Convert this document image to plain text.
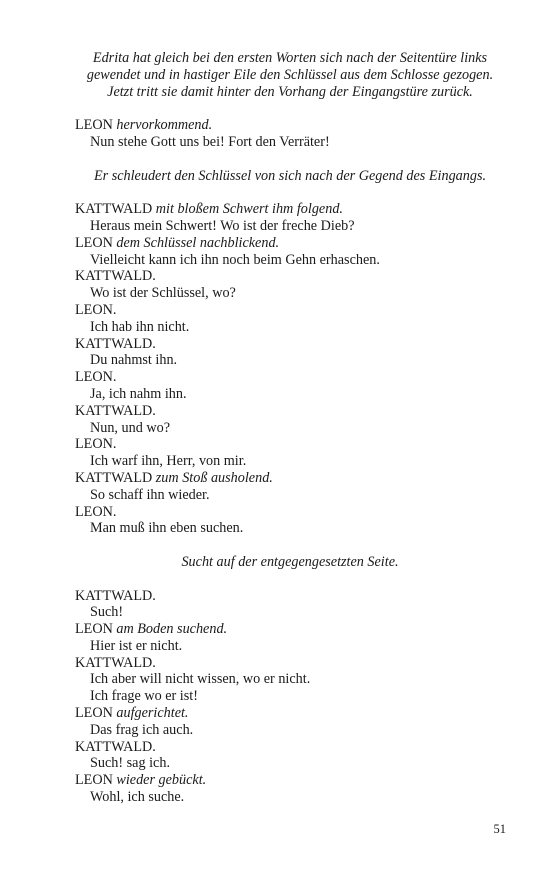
Edrita hat gleich bei den ersten Worten sich nach der Seitentüre links
gewendet und in hastiger Eile den Schlüssel aus dem Schlosse gezogen.
Jetzt tritt sie damit hinter den Vorhang der Eingangstüre zurück.
LEON hervorkommend.
Nun stehe Gott uns bei! Fort den Verräter!
Er schleudert den Schlüssel von sich nach der Gegend des Eingangs.
KATTWALD mit bloßem Schwert ihm folgend.
Heraus mein Schwert! Wo ist der freche Dieb?
LEON dem Schlüssel nachblickend.
Vielleicht kann ich ihn noch beim Gehn erhaschen.
KATTWALD.
Wo ist der Schlüssel, wo?
LEON.
Ich hab ihn nicht.
KATTWALD.
Du nahmst ihn.
LEON.
Ja, ich nahm ihn.
KATTWALD.
Nun, und wo?
LEON.
Ich warf ihn, Herr, von mir.
KATTWALD zum Stoß ausholend.
So schaff ihn wieder.
LEON.
Man muß ihn eben suchen.
Sucht auf der entgegengesetzten Seite.
KATTWALD.
Such!
LEON am Boden suchend.
Hier ist er nicht.
KATTWALD.
Ich aber will nicht wissen, wo er nicht.
Ich frage wo er ist!
LEON aufgerichtet.
Das frag ich auch.
KATTWALD.
Such! sag ich.
LEON wieder gebückt.
Wohl, ich suche.
51
